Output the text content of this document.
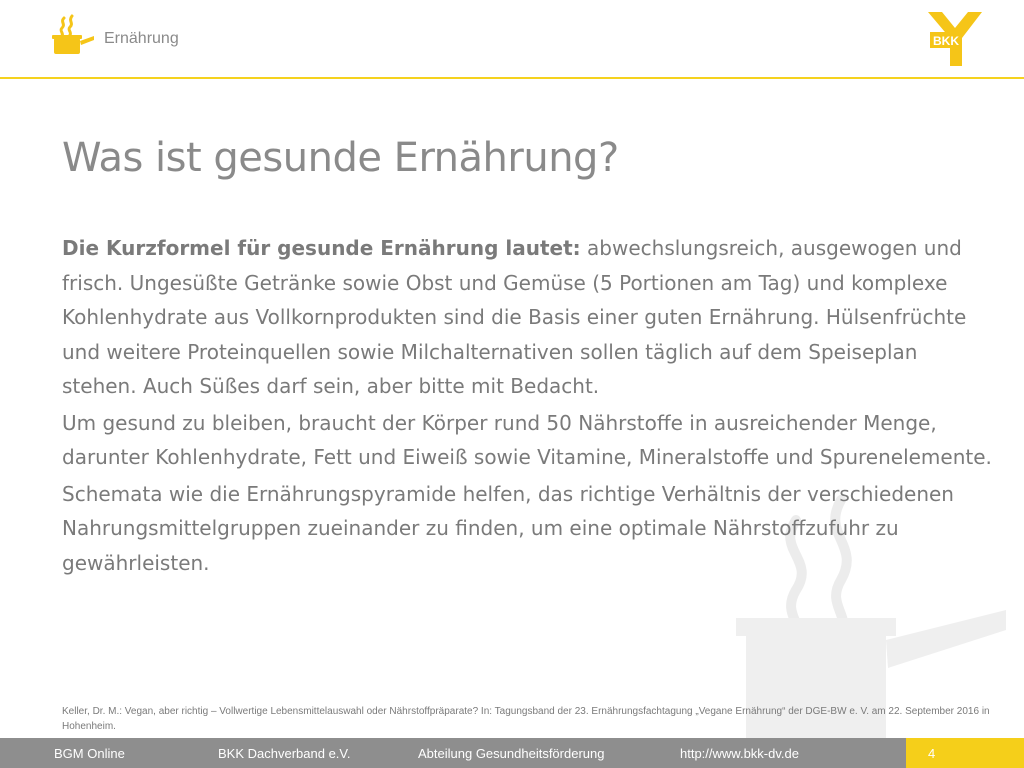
Ernährung	BKK
Was ist gesunde Ernährung?

Die Kurzformel für gesunde Ernährung lautet: abwechslungsreich, ausgewogen und frisch. Ungesüßte Getränke sowie Obst und Gemüse (5 Portionen am Tag) und komplexe Kohlenhydrate aus Vollkornprodukten sind die Basis einer guten Ernährung. Hülsenfrüchte und weitere Proteinquellen sowie Milchalternativen sollen täglich auf dem Speiseplan stehen. Auch Süßes darf sein, aber bitte mit Bedacht.

Um gesund zu bleiben, braucht der Körper rund 50 Nährstoffe in ausreichender Menge, darunter Kohlenhydrate, Fett und Eiweiß sowie Vitamine, Mineralstoffe und Spurenelemente.

Schemata wie die Ernährungspyramide helfen, das richtige Verhältnis der verschiedenen Nahrungsmittelgruppen zueinander zu finden, um eine optimale Nährstoffzufuhr zu gewährleisten.

Keller, Dr. M.: Vegan, aber richtig – Vollwertige Lebensmittelauswahl oder Nährstoffpräparate? In: Tagungsband der 23. Ernährungsfachtagung „Vegane Ernährung“ der DGE-BW e. V. am 22. September 2016 in Hohenheim.
BGM Online	BKK Dachverband e.V.	Abteilung Gesundheitsförderung	http://www.bkk-dv.de	4
